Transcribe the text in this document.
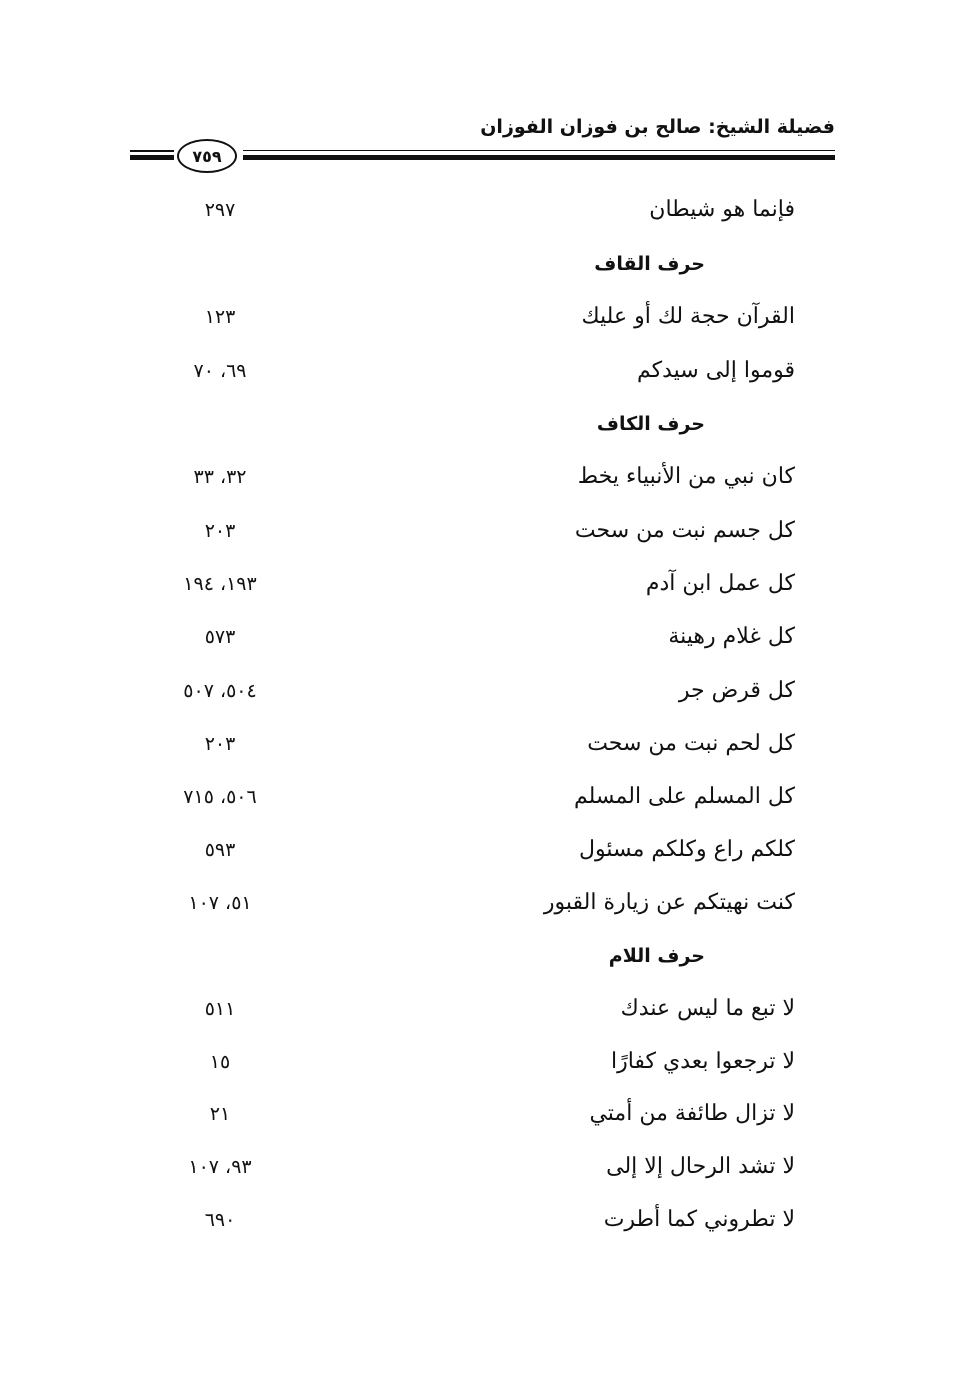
فضيلة الشيخ: صالح بن فوزان الفوزان
٧٥٩
فإنما هو شيطان
٢٩٧
حرف القاف
القرآن حجة لك أو عليك
١٢٣
قوموا إلى سيدكم
٦٩، ٧٠
حرف الكاف
كان نبي من الأنبياء يخط
٣٢، ٣٣
كل جسم نبت من سحت
٢٠٣
كل عمل ابن آدم
١٩٣، ١٩٤
كل غلام رهينة
٥٧٣
كل قرض جر
٥٠٤، ٥٠٧
كل لحم نبت من سحت
٢٠٣
كل المسلم على المسلم
٥٠٦، ٧١٥
كلكم راع وكلكم مسئول
٥٩٣
كنت نهيتكم عن زيارة القبور
٥١، ١٠٧
حرف اللام
لا تبع ما ليس عندك
٥١١
لا ترجعوا بعدي كفارًا
١٥
لا تزال طائفة من أمتي
٢١
لا تشد الرحال إلا إلى
٩٣، ١٠٧
لا تطروني كما أطرت
٦٩٠
